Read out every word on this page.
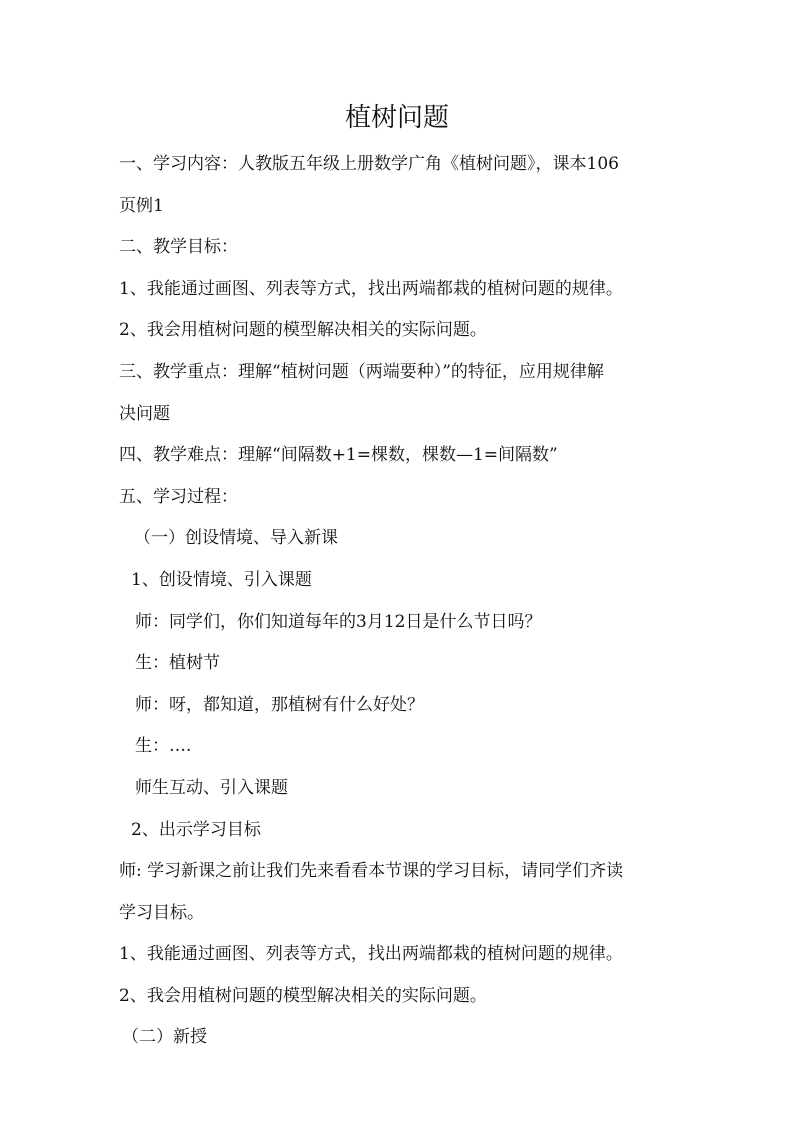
植树问题
一、学习内容：人教版五年级上册数学广角《植树问题》，课本106
页例1
二、教学目标：
1、我能通过画图、列表等方式，找出两端都栽的植树问题的规律。
2、我会用植树问题的模型解决相关的实际问题。
三、教学重点：理解“植树问题（两端要种）”的特征，应用规律解
决问题
四、教学难点：理解“间隔数+1=棵数，棵数—1=间隔数”
五、学习过程：
（一）创设情境、导入新课
1、创设情境、引入课题
师：同学们，你们知道每年的3月12日是什么节日吗？
生：植树节
师：呀，都知道，那植树有什么好处？
生：….
师生互动、引入课题
2、出示学习目标
师: 学习新课之前让我们先来看看本节课的学习目标，请同学们齐读
学习目标。
1、我能通过画图、列表等方式，找出两端都栽的植树问题的规律。
2、我会用植树问题的模型解决相关的实际问题。
（二）新授
